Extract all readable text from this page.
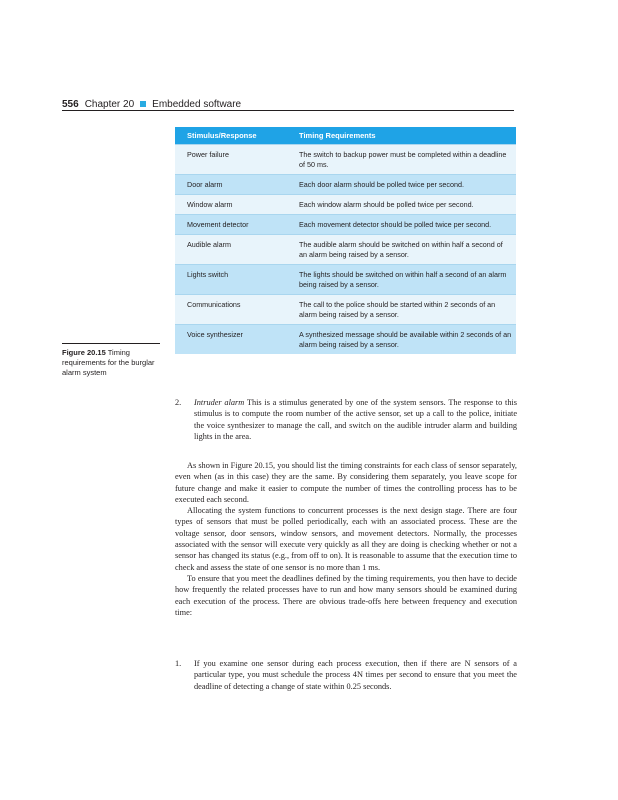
556 Chapter 20 Embedded software
Stimulus/Response	Timing Requirements
Power failure	The switch to backup power must be completed within a deadline of 50 ms.
Door alarm	Each door alarm should be polled twice per second.
Window alarm	Each window alarm should be polled twice per second.
Movement detector	Each movement detector should be polled twice per second.
Audible alarm	The audible alarm should be switched on within half a second of an alarm being raised by a sensor.
Lights switch	The lights should be switched on within half a second of an alarm being raised by a sensor.
Communications	The call to the police should be started within 2 seconds of an alarm being raised by a sensor.
Voice synthesizer	A synthesized message should be available within 2 seconds of an alarm being raised by a sensor.
Figure 20.15 Timing requirements for the burglar alarm system
2.	Intruder alarm This is a stimulus generated by one of the system sensors. The response to this stimulus is to compute the room number of the active sensor, set up a call to the police, initiate the voice synthesizer to manage the call, and switch on the audible intruder alarm and building lights in the area.

As shown in Figure 20.15, you should list the timing constraints for each class of sensor separately, even when (as in this case) they are the same. By considering them separately, you leave scope for future change and make it easier to compute the number of times the controlling process has to be executed each second.

Allocating the system functions to concurrent processes is the next design stage. There are four types of sensors that must be polled periodically, each with an associated process. These are the voltage sensor, door sensors, window sensors, and movement detectors. Normally, the processes associated with the sensor will execute very quickly as all they are doing is checking whether or not a sensor has changed its status (e.g., from off to on). It is reasonable to assume that the execution time to check and assess the state of one sensor is no more than 1 ms.

To ensure that you meet the deadlines defined by the timing requirements, you then have to decide how frequently the related processes have to run and how many sensors should be examined during each execution of the process. There are obvious trade-offs here between frequency and execution time:

1.	If you examine one sensor during each process execution, then if there are N sensors of a particular type, you must schedule the process 4N times per second to ensure that you meet the deadline of detecting a change of state within 0.25 seconds.
